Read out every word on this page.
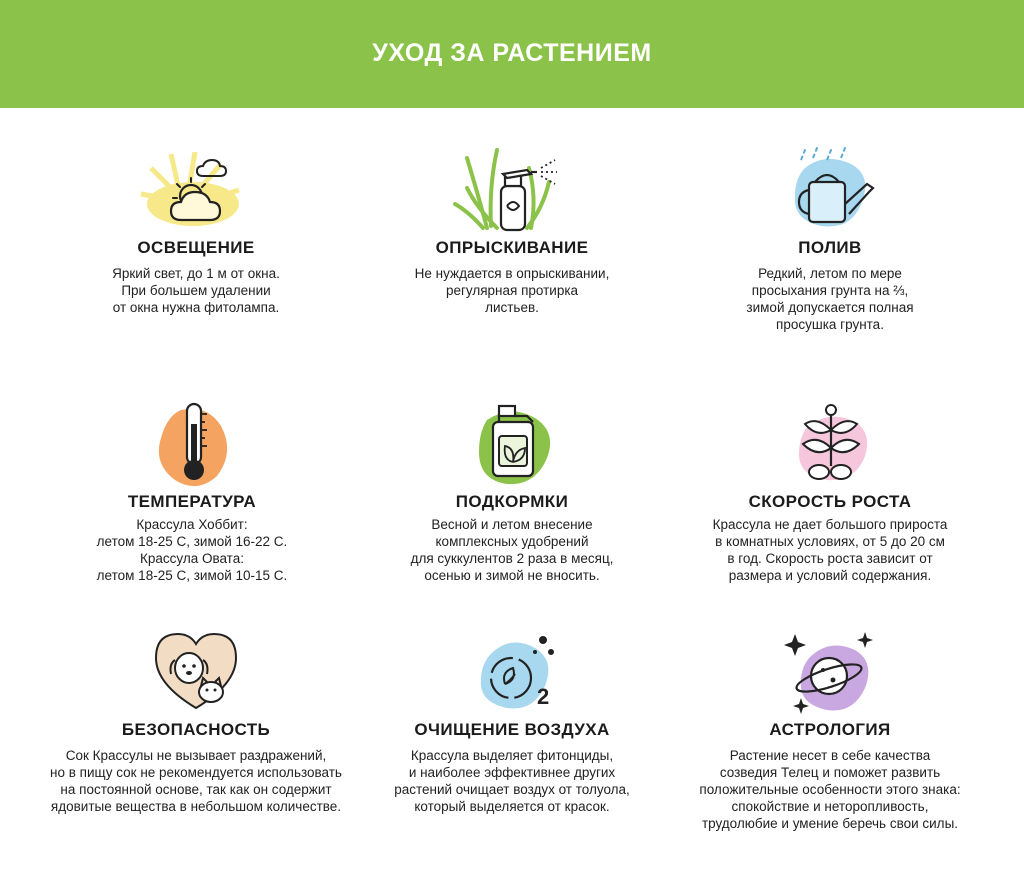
УХОД ЗА РАСТЕНИЕМ
ОСВЕЩЕНИЕ
Яркий свет, до 1 м от окна.
При большем удалении
от окна нужна фитолампа.
ОПРЫСКИВАНИЕ
Не нуждается в опрыскивании,
регулярная протирка
листьев.
ПОЛИВ
Редкий, летом по мере
просыхания грунта на ⅔,
зимой допускается полная
просушка грунта.
ТЕМПЕРАТУРА
Крассула Хоббит:
летом 18-25 С, зимой 16-22 С.
Крассула Овата:
летом 18-25 С, зимой 10-15 С.
ПОДКОРМКИ
Весной и летом внесение
комплексных удобрений
для суккулентов 2 раза в месяц,
осенью и зимой не вносить.
СКОРОСТЬ РОСТА
Крассула не дает большого прироста
в комнатных условиях, от 5 до 20 см
в год. Скорость роста зависит от
размера и условий содержания.
БЕЗОПАСНОСТЬ
Сок Крассулы не вызывает раздражений,
но в пищу сок не рекомендуется использовать
на постоянной основе, так как он содержит
ядовитые вещества в небольшом количестве.
2
ОЧИЩЕНИЕ ВОЗДУХА
Крассула выделяет фитонциды,
и наиболее эффективнее других
растений очищает воздух от толуола,
который выделяется от красок.
АСТРОЛОГИЯ
Растение несет в себе качества
созведия Телец и поможет развить
положительные особенности этого знака:
спокойствие и неторопливость,
трудолюбие и умение беречь свои силы.
